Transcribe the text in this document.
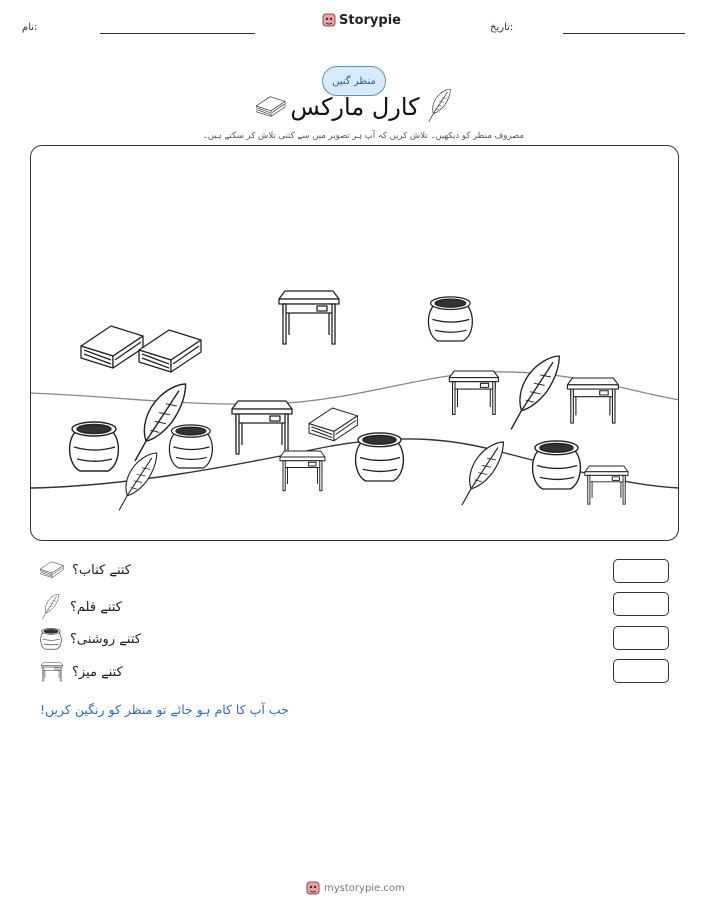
نام:	Storypie	تاریخ:
منظر گنیں
کارل مارکس
مصروف منظر کو دیکھیں۔ تلاش کریں کہ آپ ہر تصویر میں سے کتنی تلاش کر سکتے ہیں۔
کتنے کتاب؟
کتنے قلم؟
کتنے روشنی؟
کتنے میز؟
جب آپ کا کام ہو جائے تو منظر کو رنگین کریں!
mystorypie.com
